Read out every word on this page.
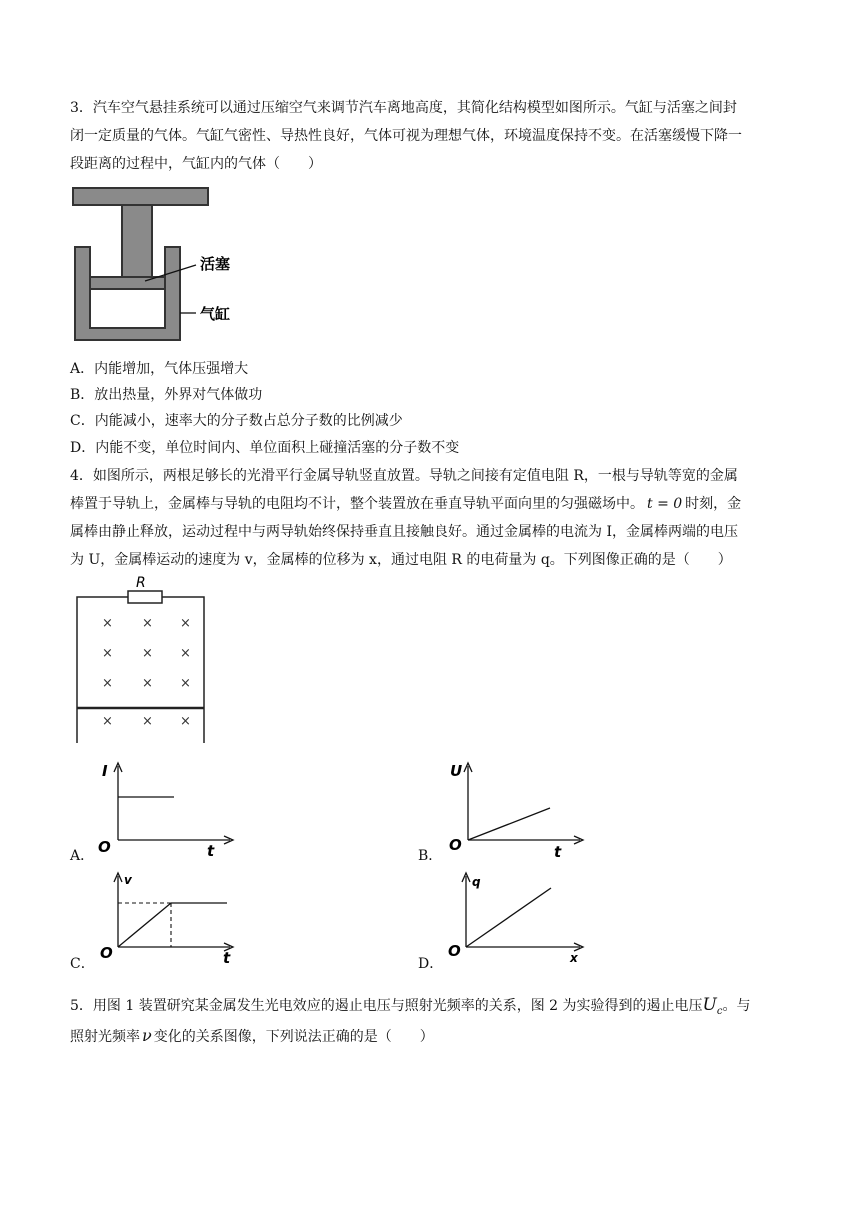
3．汽车空气悬挂系统可以通过压缩空气来调节汽车离地高度，其简化结构模型如图所示。气缸与活塞之间封
闭一定质量的气体。气缸气密性、导热性良好，气体可视为理想气体，环境温度保持不变。在活塞缓慢下降一
段距离的过程中，气缸内的气体（　　）
活塞
气缸
A．内能增加，气体压强增大
B．放出热量，外界对气体做功
C．内能减小，速率大的分子数占总分子数的比例减少
D．内能不变，单位时间内、单位面积上碰撞活塞的分子数不变
4．如图所示，两根足够长的光滑平行金属导轨竖直放置。导轨之间接有定值电阻 R，一根与导轨等宽的金属
棒置于导轨上，金属棒与导轨的电阻均不计，整个装置放在垂直导轨平面向里的匀强磁场中。 t = 0 时刻，金
属棒由静止释放，运动过程中与两导轨始终保持垂直且接触良好。通过金属棒的电流为 I，金属棒两端的电压
为 U，金属棒运动的速度为 v，金属棒的位移为 x，通过电阻 R 的电荷量为 q。下列图像正确的是（　　）
R
× × ×
× × ×
× × ×
× × ×
A．
I
O	t	B．
U
O	t
C．
v
O	t	D．
q
O	x
5．用图 1 装置研究某金属发生光电效应的遏止电压与照射光频率的关系，图 2 为实验得到的遏止电压$U_c$。与
照射光频率 ν 变化的关系图像，下列说法正确的是（　　）
